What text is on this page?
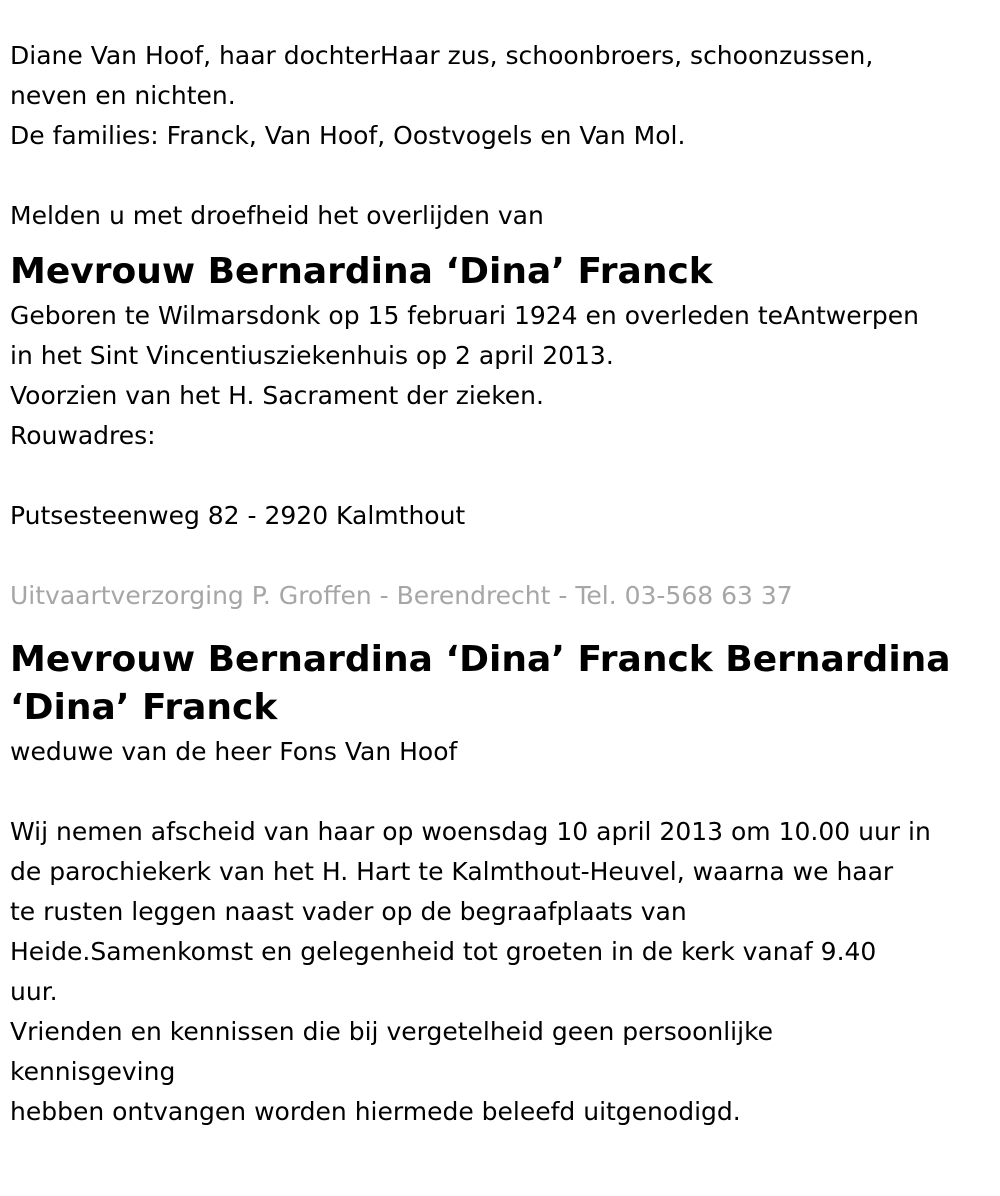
Diane Van Hoof, haar dochterHaar zus, schoonbroers, schoonzussen,
neven en nichten.
De families: Franck, Van Hoof, Oostvogels en Van Mol.

Melden u met droefheid het overlijden van

Mevrouw Bernardina ‘Dina’ Franck

Geboren te Wilmarsdonk op 15 februari 1924 en overleden teAntwerpen
in het Sint Vincentiusziekenhuis op 2 april 2013.
Voorzien van het H. Sacrament der zieken.
Rouwadres:

Putsesteenweg 82 - 2920 Kalmthout

Uitvaartverzorging P. Groffen - Berendrecht - Tel. 03-568 63 37

Mevrouw Bernardina ‘Dina’ Franck Bernardina
‘Dina’ Franck

weduwe van de heer Fons Van Hoof

Wij nemen afscheid van haar op woensdag 10 april 2013 om 10.00 uur in
de parochiekerk van het H. Hart te Kalmthout-Heuvel, waarna we haar
te rusten leggen naast vader op de begraafplaats van
Heide.Samenkomst en gelegenheid tot groeten in de kerk vanaf 9.40
uur.
Vrienden en kennissen die bij vergetelheid geen persoonlijke
kennisgeving
hebben ontvangen worden hiermede beleefd uitgenodigd.
